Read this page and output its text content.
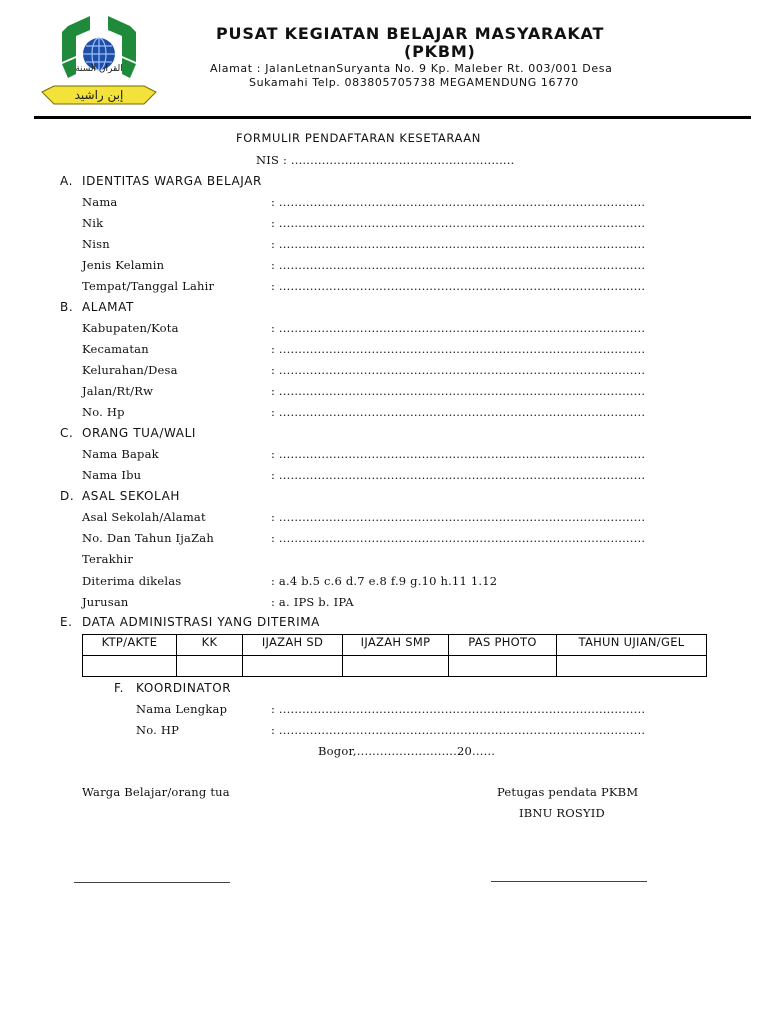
القرآن السنة
إبن راشيد
PUSAT KEGIATAN BELAJAR MASYARAKAT
(PKBM)
Alamat : JalanLetnanSuryanta No. 9 Kp. Maleber Rt. 003/001 Desa
Sukamahi Telp. 083805705738 MEGAMENDUNG 16770
FORMULIR PENDAFTARAN KESETARAAN
NIS : ..........................................................
A. IDENTITAS WARGA BELAJAR
Nama	: ...............................................................................................
Nik	: ...............................................................................................
Nisn	: ...............................................................................................
Jenis Kelamin	: ...............................................................................................
Tempat/Tanggal Lahir	: ...............................................................................................
B. ALAMAT
Kabupaten/Kota	: ...............................................................................................
Kecamatan	: ...............................................................................................
Kelurahan/Desa	: ...............................................................................................
Jalan/Rt/Rw	: ...............................................................................................
No. Hp	: ...............................................................................................
C. ORANG TUA/WALI
Nama Bapak	: ...............................................................................................
Nama Ibu	: ...............................................................................................
D. ASAL SEKOLAH
Asal Sekolah/Alamat	: ...............................................................................................
No. Dan Tahun IjaZah	: ...............................................................................................
Terakhir
Diterima dikelas	: a.4 b.5 c.6 d.7 e.8 f.9 g.10 h.11 1.12
Jurusan	: a. IPS b. IPA
E. DATA ADMINISTRASI YANG DITERIMA
KTP/AKTE	KK	IJAZAH SD	IJAZAH SMP	PAS PHOTO	TAHUN UJIAN/GEL

F. KOORDINATOR
Nama Lengkap	: ...............................................................................................
No. HP	: ...............................................................................................
Bogor,..........................20......
Warga Belajar/orang tua	Petugas pendata PKBM
IBNU ROSYID
